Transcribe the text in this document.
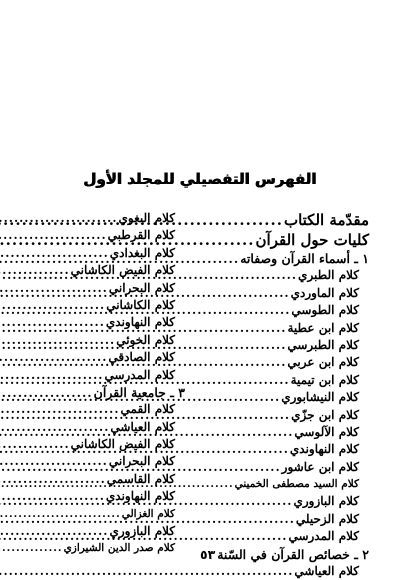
الفهرس التفصيلي للمجلد الأول
مقدّمة الكتاب
.....
كليات حول القرآن
.....
١ ـ أسماء القرآن وصفاته
.....
كلام الطبري
.....
كلام الماوردي
.....
كلام الطوسي
.....
كلام ابن عطية
.....
كلام الطبرسي
.....
كلام ابن عربي
.....
كلام ابن تيمية
.....
كلام النيشابوري
.....
كلام ابن جزّي
.....
كلام الآلوسي
.....
كلام النهاوندي
.....
كلام ابن عاشور
.....
كلام السيد مصطفى الخميني
.....
كلام البازوري
.....
كلام الزحيلي
.....
كلام المدرسي
.....
٢ ـ خصائص القرآن في السّنة
.....
٥٣
كلام العياشي
.....
كلام البغوي
.....
كلام القرطبي
.....
كلام البغدادي
.....
كلام الفيض الكاشاني
.....
كلام البحراني
.....
كلام الكاشاني
.....
كلام النهاوندي
.....
كلام الخوئي
.....
كلام الصادقي
.....
كلام المدرسي
.....
٣ ـ جامعية القرآن
.....
كلام القمي
.....
كلام العياشي
.....
كلام الفيض الكاشاني
.....
كلام البحراني
.....
كلام القاسمي
.....
كلام النهاوندي
.....
كلام الغزالي
.....
كلام البازوري
.....
كلام صدر الدين الشيرازي
.....
